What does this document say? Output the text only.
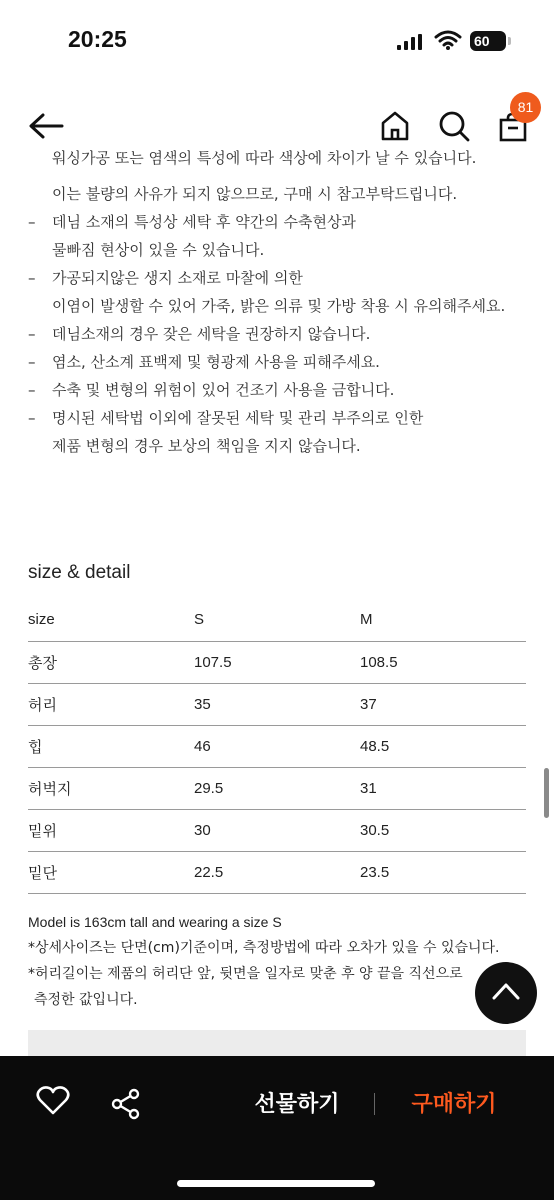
20:25	60
81
워싱가공 또는 염색의 특성에 따라 색상에 차이가 날 수 있습니다.
이는 불량의 사유가 되지 않으므로, 구매 시 참고부탁드립니다.
–	데님 소재의 특성상 세탁 후 약간의 수축현상과
물빠짐 현상이 있을 수 있습니다.
–	가공되지않은 생지 소재로 마찰에 의한
이염이 발생할 수 있어 가죽, 밝은 의류 및 가방 착용 시 유의해주세요.
–	데님소재의 경우 잦은 세탁을 권장하지 않습니다.
–	염소, 산소계 표백제 및 형광제 사용을 피해주세요.
–	수축 및 변형의 위험이 있어 건조기 사용을 금합니다.
–	명시된 세탁법 이외에 잘못된 세탁 및 관리 부주의로 인한
제품 변형의 경우 보상의 책임을 지지 않습니다.
size & detail
size	S	M
총장	107.5	108.5
허리	35	37
힙	46	48.5
허벅지	29.5	31
밑위	30	30.5
밑단	22.5	23.5
Model is 163cm tall and wearing a size S
*상세사이즈는 단면(cm)기준이며, 측정방법에 따라 오차가 있을 수 있습니다.
*허리길이는 제품의 허리단 앞, 뒷면을 일자로 맞춘 후 양 끝을 직선으로
측정한 값입니다.
선물하기	구매하기
